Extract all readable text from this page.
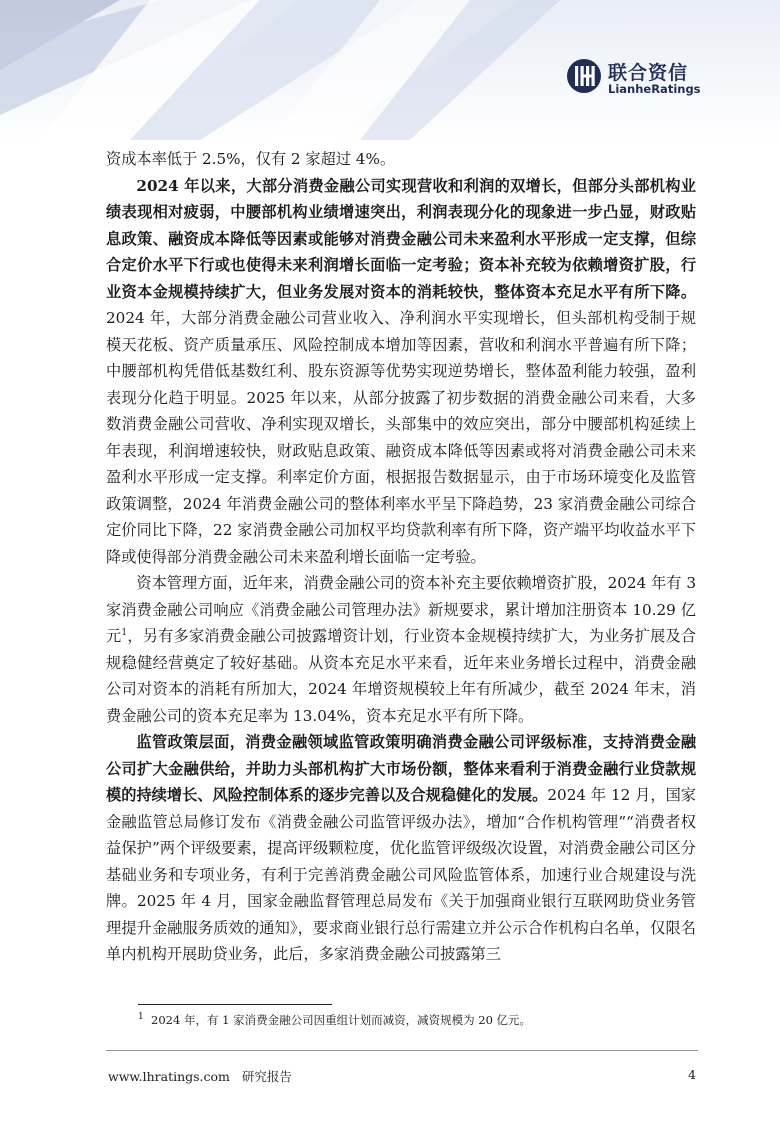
联合资信
LianheRatings

资成本率低于 2.5%，仅有 2 家超过 4%。

2024 年以来，大部分消费金融公司实现营收和利润的双增长，但部分头部机构业绩表现相对疲弱，中腰部机构业绩增速突出，利润表现分化的现象进一步凸显，财政贴息政策、融资成本降低等因素或能够对消费金融公司未来盈利水平形成一定支撑，但综合定价水平下行或也使得未来利润增长面临一定考验；资本补充较为依赖增资扩股，行业资本金规模持续扩大，但业务发展对资本的消耗较快，整体资本充足水平有所下降。2024 年，大部分消费金融公司营业收入、净利润水平实现增长，但头部机构受制于规模天花板、资产质量承压、风险控制成本增加等因素，营收和利润水平普遍有所下降；中腰部机构凭借低基数红利、股东资源等优势实现逆势增长，整体盈利能力较强，盈利表现分化趋于明显。2025 年以来，从部分披露了初步数据的消费金融公司来看，大多数消费金融公司营收、净利实现双增长，头部集中的效应突出，部分中腰部机构延续上年表现，利润增速较快，财政贴息政策、融资成本降低等因素或将对消费金融公司未来盈利水平形成一定支撑。利率定价方面，根据报告数据显示，由于市场环境变化及监管政策调整，2024 年消费金融公司的整体利率水平呈下降趋势，23 家消费金融公司综合定价同比下降，22 家消费金融公司加权平均贷款利率有所下降，资产端平均收益水平下降或使得部分消费金融公司未来盈利增长面临一定考验。

资本管理方面，近年来，消费金融公司的资本补充主要依赖增资扩股，2024 年有 3 家消费金融公司响应《消费金融公司管理办法》新规要求，累计增加注册资本 10.29 亿元$^1$，另有多家消费金融公司披露增资计划，行业资本金规模持续扩大，为业务扩展及合规稳健经营奠定了较好基础。从资本充足水平来看，近年来业务增长过程中，消费金融公司对资本的消耗有所加大，2024 年增资规模较上年有所减少，截至 2024 年末，消费金融公司的资本充足率为 13.04%，资本充足水平有所下降。

监管政策层面，消费金融领域监管政策明确消费金融公司评级标准，支持消费金融公司扩大金融供给，并助力头部机构扩大市场份额，整体来看利于消费金融行业贷款规模的持续增长、风险控制体系的逐步完善以及合规稳健化的发展。2024 年 12 月，国家金融监管总局修订发布《消费金融公司监管评级办法》，增加“合作机构管理”“消费者权益保护”两个评级要素，提高评级颗粒度，优化监管评级级次设置，对消费金融公司区分基础业务和专项业务，有利于完善消费金融公司风险监管体系，加速行业合规建设与洗牌。2025 年 4 月，国家金融监督管理总局发布《关于加强商业银行互联网助贷业务管理提升金融服务质效的通知》，要求商业银行总行需建立并公示合作机构白名单，仅限名单内机构开展助贷业务，此后，多家消费金融公司披露第三

$^1$ 2024 年，有 1 家消费金融公司因重组计划而减资，减资规模为 20 亿元。
www.lhratings.com 研究报告	4
